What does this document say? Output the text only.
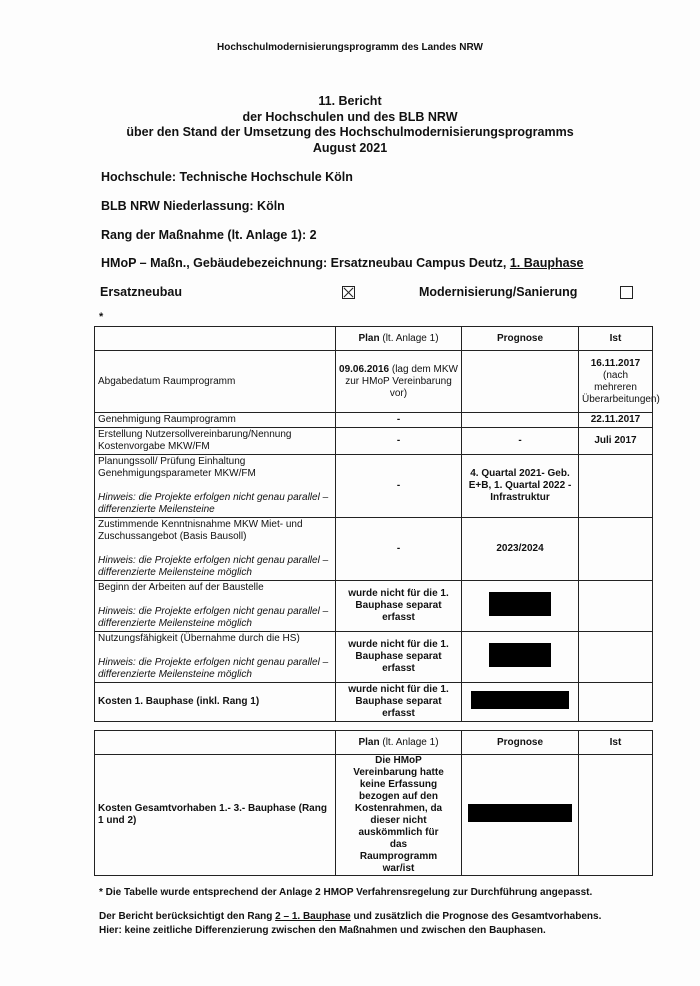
Hochschulmodernisierungsprogramm des Landes NRW
11. Bericht
der Hochschulen und des BLB NRW
über den Stand der Umsetzung des Hochschulmodernisierungsprogramms
August 2021
Hochschule: Technische Hochschule Köln
BLB NRW Niederlassung: Köln
Rang der Maßnahme (lt. Anlage 1): 2
HMoP – Maßn., Gebäudebezeichnung: Ersatzneubau Campus Deutz, 1. Bauphase
Ersatzneubau	Modernisierung/Sanierung
*
	Plan (lt. Anlage 1)	Prognose	Ist
Abgabedatum Raumprogramm	09.06.2016 (lag dem MKW zur HMoP Vereinbarung vor)		16.11.2017
(nach mehreren Überarbeitungen)
Genehmigung Raumprogramm	-		22.11.2017
Erstellung Nutzersollvereinbarung/Nennung Kostenvorgabe MKW/FM	-	-	Juli 2017
Planungssoll/ Prüfung Einhaltung Genehmigungsparameter MKW/FM
Hinweis: die Projekte erfolgen nicht genau parallel – differenzierte Meilensteine	-	4. Quartal 2021- Geb. E+B, 1. Quartal 2022 - Infrastruktur	
Zustimmende Kenntnisnahme MKW Miet- und Zuschussangebot (Basis Bausoll)
Hinweis: die Projekte erfolgen nicht genau parallel – differenzierte Meilensteine möglich	-	2023/2024	
Beginn der Arbeiten auf der Baustelle
Hinweis: die Projekte erfolgen nicht genau parallel – differenzierte Meilensteine möglich	wurde nicht für die 1. Bauphase separat erfasst		
Nutzungsfähigkeit (Übernahme durch die HS)
Hinweis: die Projekte erfolgen nicht genau parallel – differenzierte Meilensteine möglich	wurde nicht für die 1. Bauphase separat erfasst		
Kosten 1. Bauphase (inkl. Rang 1)	wurde nicht für die 1. Bauphase separat erfasst		
	Plan (lt. Anlage 1)	Prognose	Ist
Kosten Gesamtvorhaben 1.- 3.- Bauphase (Rang 1 und 2)	Die HMoP Vereinbarung hatte keine Erfassung bezogen auf den Kostenrahmen, da dieser nicht auskömmlich für das Raumprogramm war/ist		
* Die Tabelle wurde entsprechend der Anlage 2 HMOP Verfahrensregelung zur Durchführung angepasst.
Der Bericht berücksichtigt den Rang 2 – 1. Bauphase und zusätzlich die Prognose des Gesamtvorhabens.
Hier: keine zeitliche Differenzierung zwischen den Maßnahmen und zwischen den Bauphasen.
